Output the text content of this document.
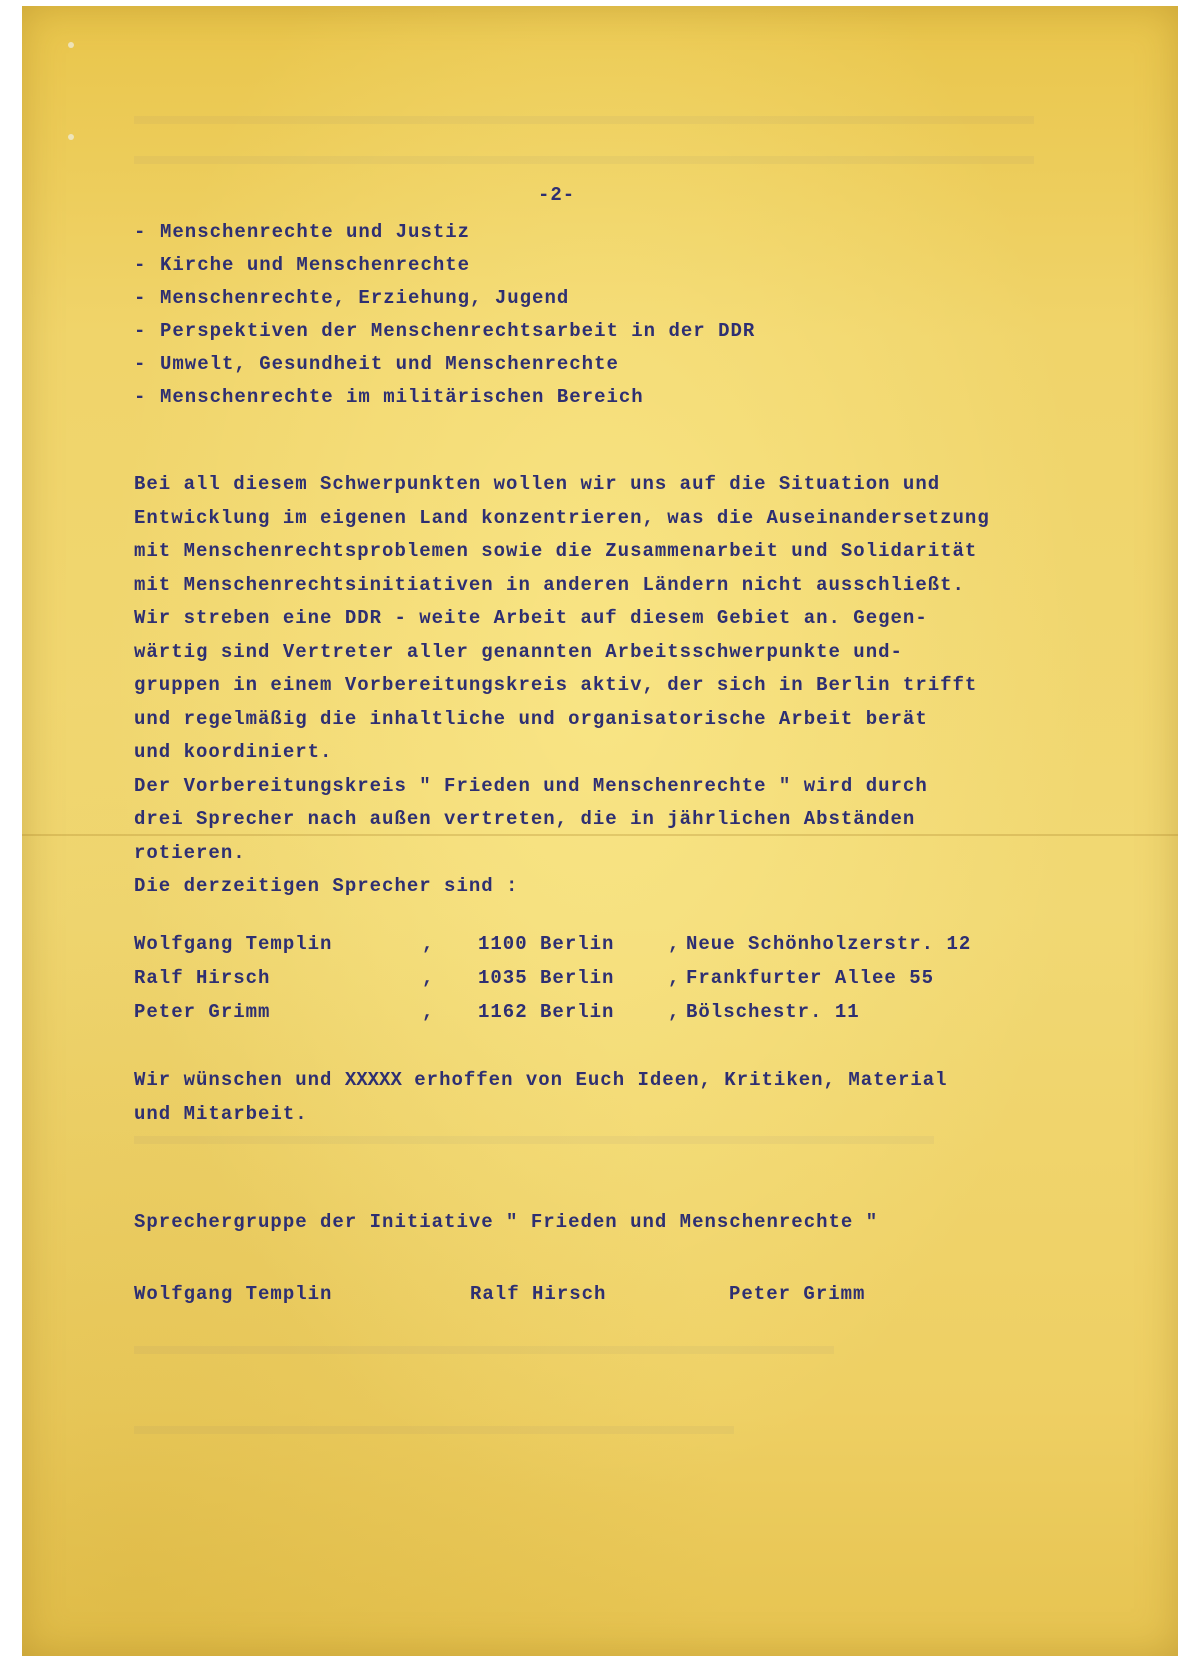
-2-
- Menschenrechte und Justiz
- Kirche und Menschenrechte
- Menschenrechte, Erziehung, Jugend
- Perspektiven der Menschenrechtsarbeit in der DDR
- Umwelt, Gesundheit und Menschenrechte
- Menschenrechte im militärischen Bereich
Bei all diesem Schwerpunkten wollen wir uns auf die Situation und
Entwicklung im eigenen Land konzentrieren, was die Auseinandersetzung
mit Menschenrechtsproblemen sowie die Zusammenarbeit und Solidarität
mit Menschenrechtsinitiativen in anderen Ländern nicht ausschließt.
Wir streben eine DDR - weite Arbeit auf diesem Gebiet an. Gegen-
wärtig sind Vertreter aller genannten Arbeitsschwerpunkte und-
gruppen in einem Vorbereitungskreis aktiv, der sich in Berlin trifft
und regelmäßig die inhaltliche und organisatorische Arbeit berät
und koordiniert.
Der Vorbereitungskreis " Frieden und Menschenrechte " wird durch
drei Sprecher nach außen vertreten, die in jährlichen Abständen
rotieren.
Die derzeitigen Sprecher sind :
Wolfgang Templin	, 1100 Berlin	, Neue Schönholzerstr. 12
Ralf Hirsch	, 1035 Berlin	, Frankfurter Allee 55
Peter Grimm	, 1162 Berlin	, Bölschestr. 11
Wir wünschen und XXXXX erhoffen von Euch Ideen, Kritiken, Material
und Mitarbeit.
Sprechergruppe der Initiative " Frieden und Menschenrechte "
Wolfgang Templin	Ralf Hirsch	Peter Grimm
